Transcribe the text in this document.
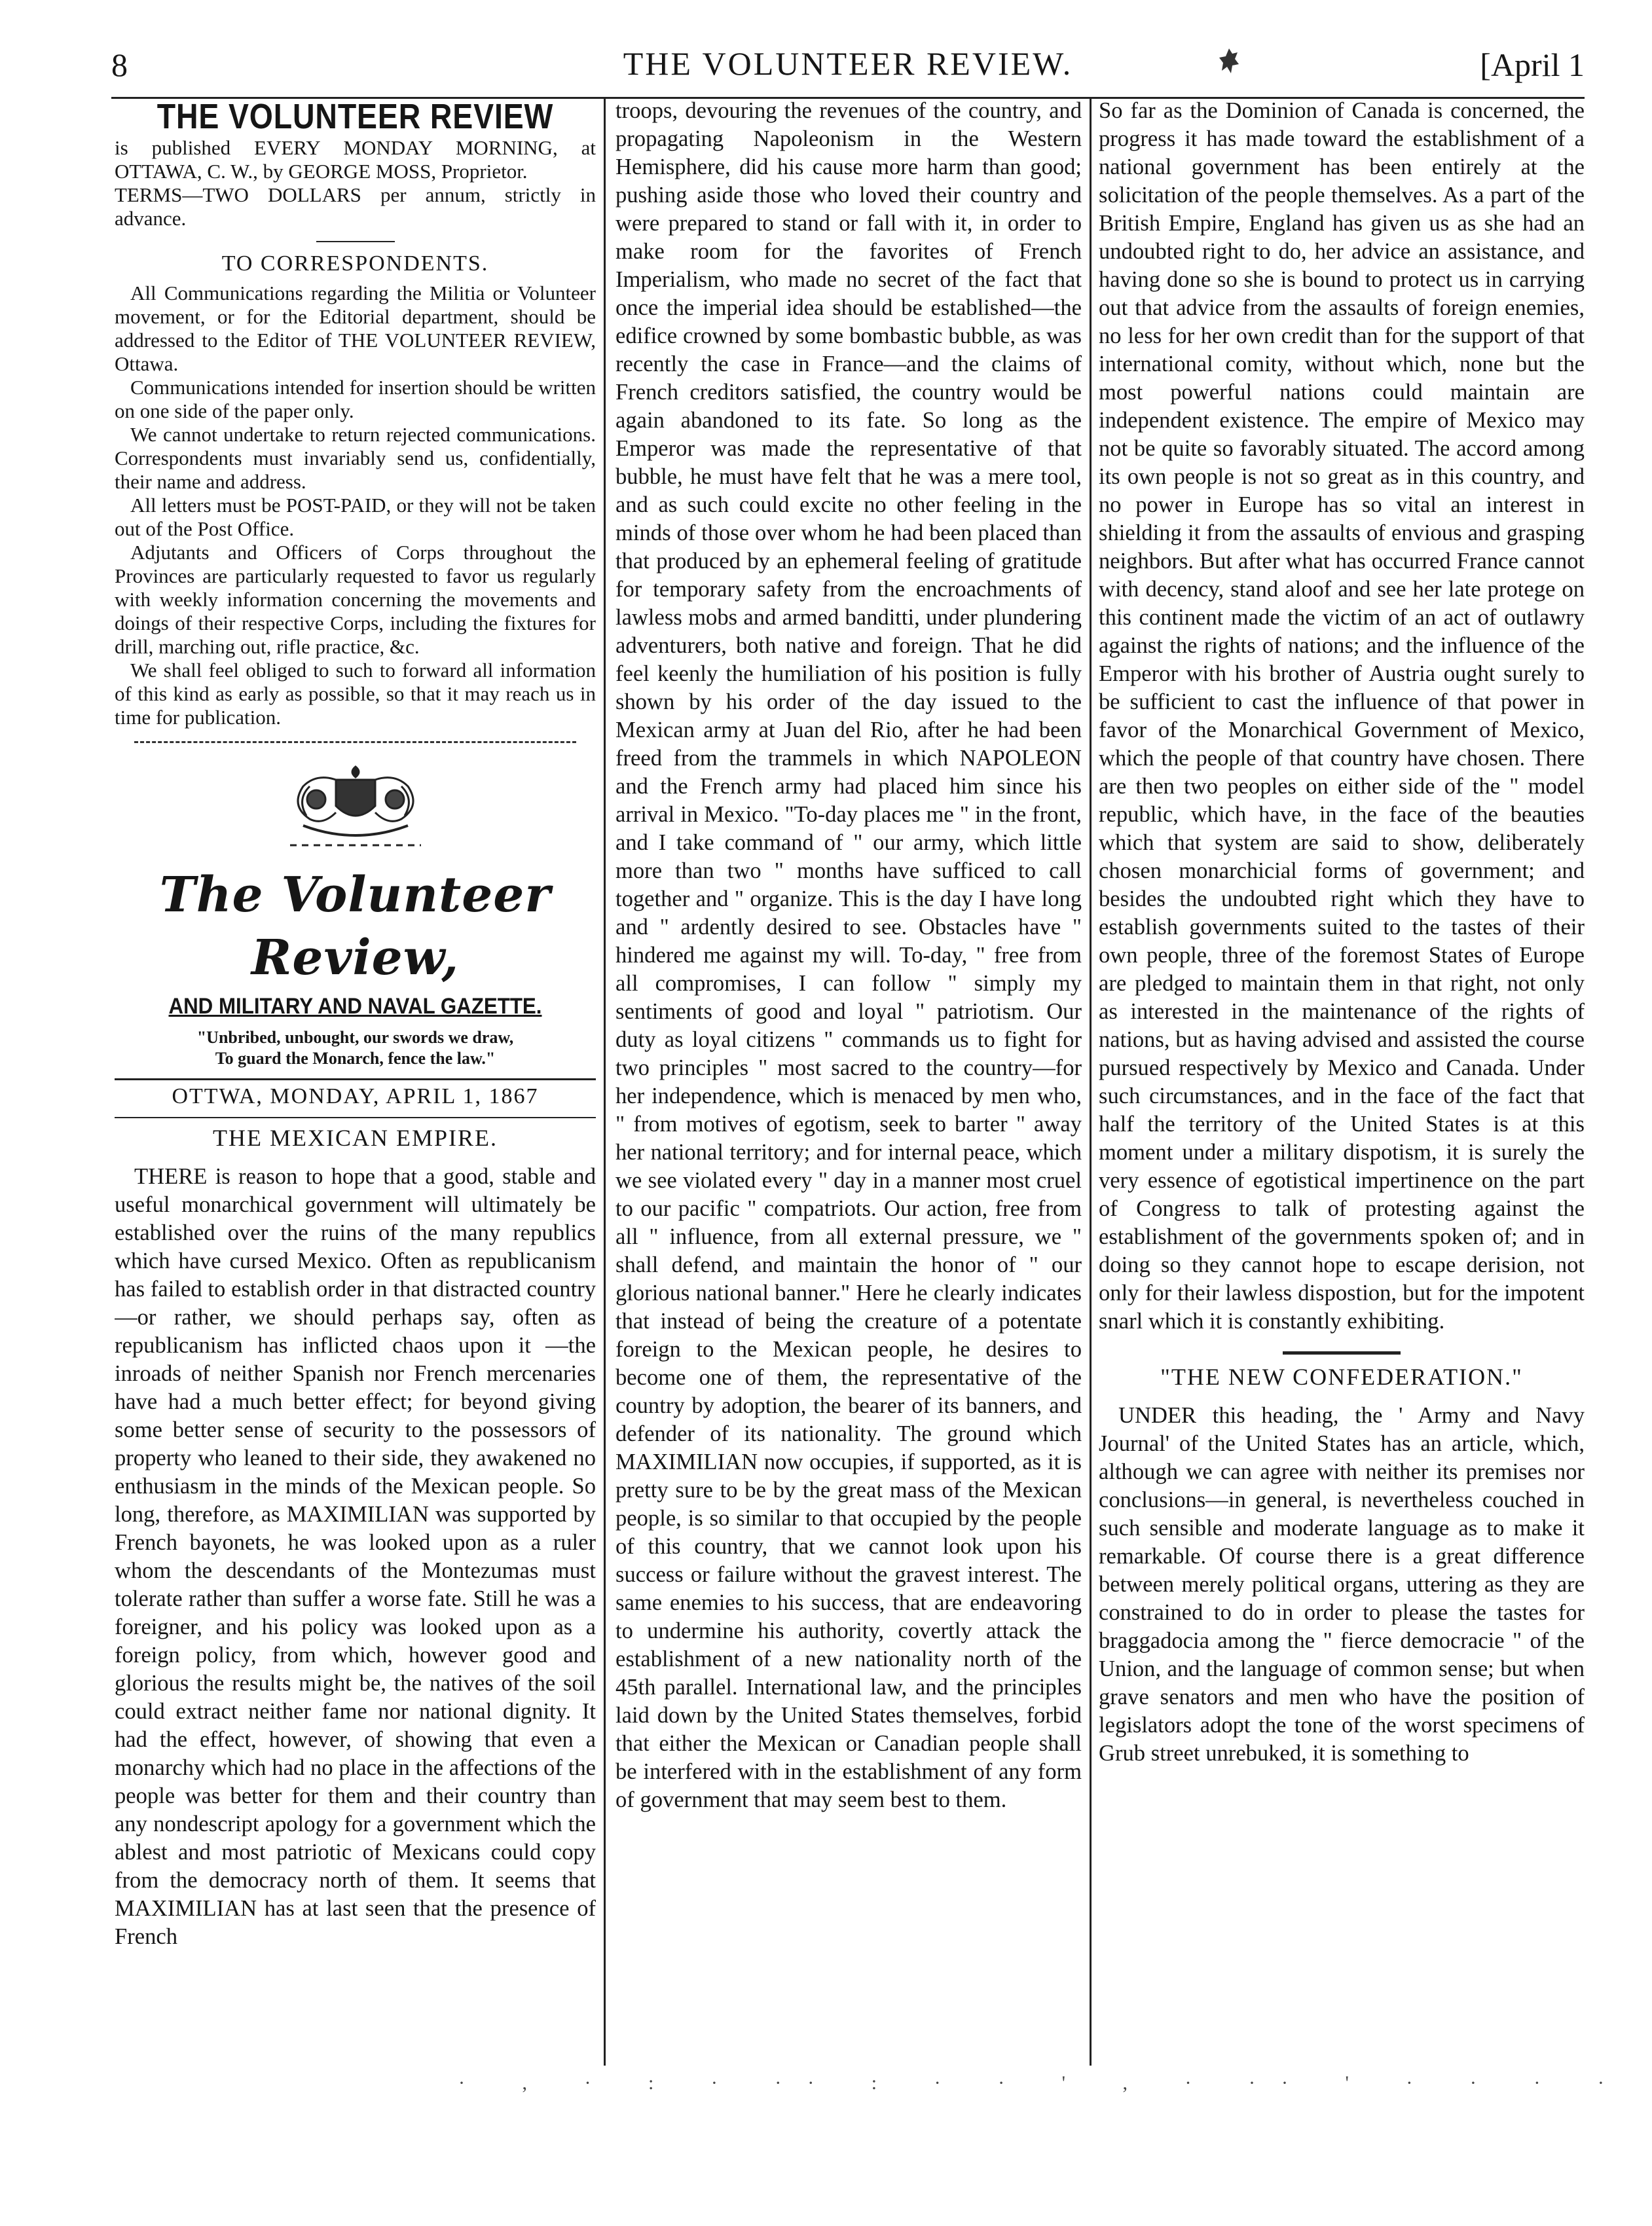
8	THE VOLUNTEER REVIEW.	[April 1
THE VOLUNTEER REVIEW

is published EVERY MONDAY MORNING, at OTTAWA, C. W., by GEORGE MOSS, Proprietor.

TERMS—TWO DOLLARS per annum, strictly in advance.

TO CORRESPONDENTS.

All Communications regarding the Militia or Volunteer movement, or for the Editorial department, should be addressed to the Editor of THE VOLUNTEER REVIEW, Ottawa.

Communications intended for insertion should be written on one side of the paper only.

We cannot undertake to return rejected communications. Correspondents must invariably send us, confidentially, their name and address.

All letters must be POST-PAID, or they will not be taken out of the Post Office.

Adjutants and Officers of Corps throughout the Provinces are particularly requested to favor us regularly with weekly information concerning the movements and doings of their respective Corps, including the fixtures for drill, marching out, rifle practice, &c.

We shall feel obliged to such to forward all information of this kind as early as possible, so that it may reach us in time for publication.

The Volunteer Review,
AND MILITARY AND NAVAL GAZETTE.
"Unbribed, unbought, our swords we draw,
To guard the Monarch, fence the law."
OTTWA, MONDAY, APRIL 1, 1867
THE MEXICAN EMPIRE.

THERE is reason to hope that a good, stable and useful monarchical government will ultimately be established over the ruins of the many republics which have cursed Mexico. Often as republicanism has failed to establish order in that distracted country —or rather, we should perhaps say, often as republicanism has inflicted chaos upon it —the inroads of neither Spanish nor French mercenaries have had a much better effect; for beyond giving some better sense of security to the possessors of property who leaned to their side, they awakened no enthusiasm in the minds of the Mexican people. So long, therefore, as MAXIMILIAN was supported by French bayonets, he was looked upon as a ruler whom the descendants of the Montezumas must tolerate rather than suffer a worse fate. Still he was a foreigner, and his policy was looked upon as a foreign policy, from which, however good and glorious the results might be, the natives of the soil could extract neither fame nor national dignity. It had the effect, however, of showing that even a monarchy which had no place in the affections of the people was better for them and their country than any nondescript apology for a government which the ablest and most patriotic of Mexicans could copy from the democracy north of them. It seems that MAXIMILIAN has at last seen that the presence of French

troops, devouring the revenues of the country, and propagating Napoleonism in the Western Hemisphere, did his cause more harm than good; pushing aside those who loved their country and were prepared to stand or fall with it, in order to make room for the favorites of French Imperialism, who made no secret of the fact that once the imperial idea should be established—the edifice crowned by some bombastic bubble, as was recently the case in France—and the claims of French creditors satisfied, the country would be again abandoned to its fate. So long as the Emperor was made the representative of that bubble, he must have felt that he was a mere tool, and as such could excite no other feeling in the minds of those over whom he had been placed than that produced by an ephemeral feeling of gratitude for temporary safety from the encroachments of lawless mobs and armed banditti, under plundering adventurers, both native and foreign. That he did feel keenly the humiliation of his position is fully shown by his order of the day issued to the Mexican army at Juan del Rio, after he had been freed from the trammels in which NAPOLEON and the French army had placed him since his arrival in Mexico. "To-day places me " in the front, and I take command of " our army, which little more than two " months have sufficed to call together and " organize. This is the day I have long and " ardently desired to see. Obstacles have " hindered me against my will. To-day, " free from all compromises, I can follow " simply my sentiments of good and loyal " patriotism. Our duty as loyal citizens " commands us to fight for two principles " most sacred to the country—for her independence, which is menaced by men who, " from motives of egotism, seek to barter " away her national territory; and for internal peace, which we see violated every " day in a manner most cruel to our pacific " compatriots. Our action, free from all " influence, from all external pressure, we " shall defend, and maintain the honor of " our glorious national banner." Here he clearly indicates that instead of being the creature of a potentate foreign to the Mexican people, he desires to become one of them, the representative of the country by adoption, the bearer of its banners, and defender of its nationality. The ground which MAXIMILIAN now occupies, if supported, as it is pretty sure to be by the great mass of the Mexican people, is so similar to that occupied by the people of this country, that we cannot look upon his success or failure without the gravest interest. The same enemies to his success, that are endeavoring to undermine his authority, covertly attack the establishment of a new nationality north of the 45th parallel. International law, and the principles laid down by the United States themselves, forbid that either the Mexican or Canadian people shall be interfered with in the establishment of any form of government that may seem best to them.

So far as the Dominion of Canada is concerned, the progress it has made toward the establishment of a national government has been entirely at the solicitation of the people themselves. As a part of the British Empire, England has given us as she had an undoubted right to do, her advice an assistance, and having done so she is bound to protect us in carrying out that advice from the assaults of foreign enemies, no less for her own credit than for the support of that international comity, without which, none but the most powerful nations could maintain are independent existence. The empire of Mexico may not be quite so favorably situated. The accord among its own people is not so great as in this country, and no power in Europe has so vital an interest in shielding it from the assaults of envious and grasping neighbors. But after what has occurred France cannot with decency, stand aloof and see her late protege on this continent made the victim of an act of outlawry against the rights of nations; and the influence of the Emperor with his brother of Austria ought surely to be sufficient to cast the influence of that power in favor of the Monarchical Government of Mexico, which the people of that country have chosen. There are then two peoples on either side of the " model republic, which have, in the face of the beauties which that system are said to show, deliberately chosen monarchicial forms of government; and besides the undoubted right which they have to establish governments suited to the tastes of their own people, three of the foremost States of Europe are pledged to maintain them in that right, not only as interested in the maintenance of the rights of nations, but as having advised and assisted the course pursued respectively by Mexico and Canada. Under such circumstances, and in the face of the fact that half the territory of the United States is at this moment under a military dispotism, it is surely the very essence of egotistical impertinence on the part of Congress to talk of protesting against the establishment of the governments spoken of; and in doing so they cannot hope to escape derision, not only for their lawless dispostion, but for the impotent snarl which it is constantly exhibiting.

"THE NEW CONFEDERATION."

UNDER this heading, the ' Army and Navy Journal' of the United States has an article, which, although we can agree with neither its premises nor conclusions—in general, is nevertheless couched in such sensible and moderate language as to make it remarkable. Of course there is a great difference between merely political organs, uttering as they are constrained to do in order to please the tastes for braggadocia among the " fierce democracie " of the Union, and the language of common sense; but when grave senators and men who have the position of legislators adopt the tone of the worst specimens of Grub street unrebuked, it is something to

· , · : · ·· : · · ' , · ·· ' · · · ·
